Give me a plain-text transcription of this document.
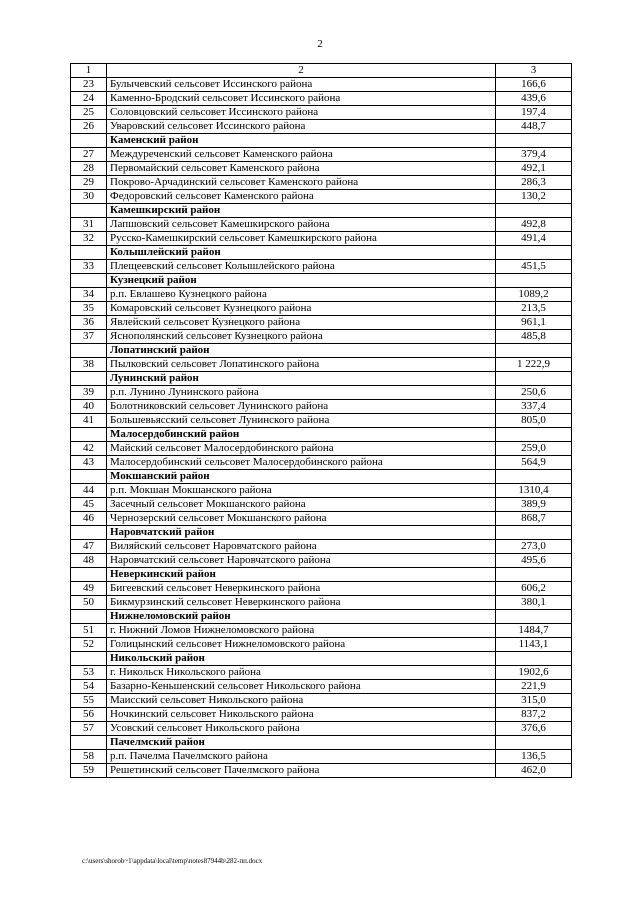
2
1	2	3
23	Булычевский сельсовет Иссинского района	166,6
24	Каменно-Бродский сельсовет Иссинского района	439,6
25	Соловцовский сельсовет Иссинского района	197,4
26	Уваровский сельсовет Иссинского района	448,7
	Каменский район	
27	Междуреченский сельсовет Каменского района	379,4
28	Первомайский сельсовет Каменского района	492,1
29	Покрово-Арчадинский сельсовет Каменского района	286,3
30	Федоровский сельсовет Каменского района	130,2
	Камешкирский район	
31	Лапшовский сельсовет Камешкирского района	492,8
32	Русско-Камешкирский сельсовет Камешкирского района	491,4
	Колышлейский район	
33	Плещеевский сельсовет Колышлейского района	451,5
	Кузнецкий район	
34	р.п. Евлашево Кузнецкого района	1089,2
35	Комаровский сельсовет Кузнецкого района	213,5
36	Явлейский сельсовет Кузнецкого района	961,1
37	Яснополянский сельсовет Кузнецкого района	485,8
	Лопатинский район	
38	Пылковский сельсовет Лопатинского района	1 222,9
	Лунинский район	
39	р.п. Лунино Лунинского района	250,6
40	Болотниковский сельсовет Лунинского района	337,4
41	Большевьясский сельсовет Лунинского района	805,0
	Малосердобинский район	
42	Майский сельсовет Малосердобинского района	259,0
43	Малосердобинский сельсовет Малосердобинского района	564,9
	Мокшанский район	
44	р.п. Мокшан Мокшанского района	1310,4
45	Засечный сельсовет Мокшанского района	389,9
46	Чернозерский сельсовет Мокшанского района	868,7
	Наровчатский район	
47	Виляйский сельсовет Наровчатского района	273,0
48	Наровчатский сельсовет Наровчатского района	495,6
	Неверкинский район	
49	Бигеевский сельсовет Неверкинского района	606,2
50	Бикмурзинский сельсовет Неверкинского района	380,1
	Нижнеломовский район	
51	г. Нижний Ломов Нижнеломовского района	1484,7
52	Голицынский сельсовет Нижнеломовского района	1143,1
	Никольский район	
53	г. Никольск Никольского района	1902,6
54	Базарно-Кеньшенский сельсовет Никольского района	221,9
55	Маисский сельсовет Никольского района	315,0
56	Ночкинский сельсовет Никольского района	837,2
57	Усовский сельсовет Никольского района	376,6
	Пачелмский район	
58	р.п. Пачелма Пачелмского района	136,5
59	Решетинский сельсовет Пачелмского района	462,0
c:\users\shorob~1\appdata\local\temp\notes87944b\282-пп.docx
